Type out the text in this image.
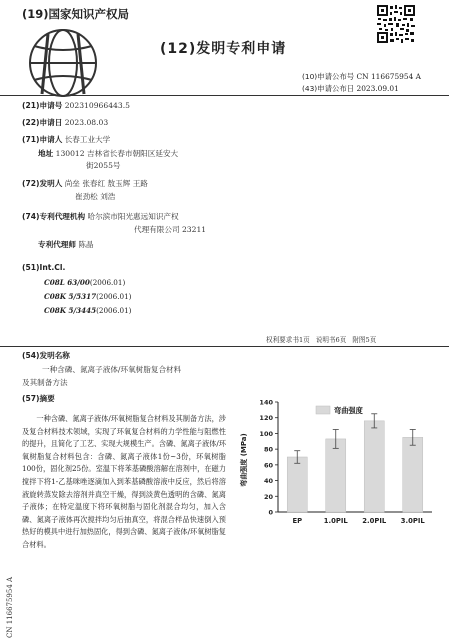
(19)国家知识产权局
(12)发明专利申请
(10)申请公布号 CN 116675954 A
(43)申请公布日 2023.09.01
(21)申请号 202310966443.5
(22)申请日 2023.08.03
(71)申请人 长春工业大学
地址 130012 吉林省长春市朝阳区延安大
街2055号
(72)发明人 尚垒 张春红 敖玉辉 王路
崔劲松 刘浩
(74)专利代理机构 哈尔滨市阳光惠远知识产权
代理有限公司 23211
专利代理师 陈晶
(51)Int.Cl.
C08L 63/00(2006.01)
C08K 5/5317(2006.01)
C08K 5/3445(2006.01)
权利要求书1页 说明书6页 附图5页
(54)发明名称
一种含磷、氮离子液体/环氧树脂复合材料
及其制备方法
(57)摘要

一种含磷、氮离子液体/环氧树脂复合材料及其制备方法，涉及复合材料技术领域，实现了环氧复合材料的力学性能与阻燃性的提升，且简化了工艺、实现大规模生产。含磷、氮离子液体/环氧树脂复合材料包含：含磷、氮离子液体1份~3份，环氧树脂100份，固化剂25份。室温下将苯基磷酸溶解在溶剂中，在磁力搅拌下将1-乙基咪唑逐滴加入到苯基磷酸溶液中反应，然后将溶液旋转蒸发除去溶剂并真空干燥，得到淡黄色透明的含磷、氮离子液体；在特定温度下将环氧树脂与固化剂混合均匀，加入含磷、氮离子液体再次搅拌均匀后抽真空，将混合样品快速倒入预热好的模具中进行加热固化，得到含磷、氮离子液体/环氧树脂复合材料。

弯曲强度 (MPa)
0
20
40
60
80
100
120
140
EP	1.0PIL 2.0PIL 3.0PIL
弯曲强度
CN 116675954 A
